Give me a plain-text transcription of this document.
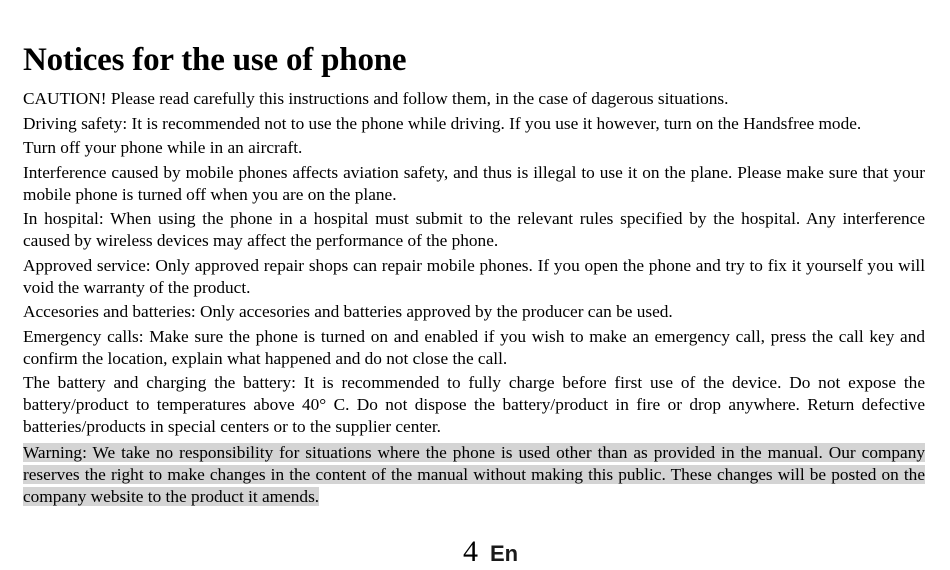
Notices for the use of phone

CAUTION! Please read carefully this instructions and follow them, in the case of dagerous situations.

Driving safety: It is recommended not to use the phone while driving. If you use it however, turn on the Handsfree mode.

Turn off your phone while in an aircraft.

Interference caused by mobile phones affects aviation safety, and thus is illegal to use it on the plane. Please make sure that your mobile phone is turned off when you are on the plane.

In hospital: When using the phone in a hospital must submit to the relevant rules specified by the hospital. Any interference caused by wireless devices may affect the performance of the phone.

Approved service: Only approved repair shops can repair mobile phones. If you open the phone and try to fix it yourself you will void the warranty of the product.

Accesories and batteries: Only accesories and batteries approved by the producer can be used.

Emergency calls: Make sure the phone is turned on and enabled if you wish to make an emergency call, press the call key and confirm the location, explain what happened and do not close the call.

The battery and charging the battery: It is recommended to fully charge before first use of the device. Do not expose the battery/product to temperatures above 40° C. Do not dispose the battery/product in fire or drop anywhere. Return defective batteries/products in special centers or to the supplier center.

Warning: We take no responsibility for situations where the phone is used other than as provided in the manual. Our company reserves the right to make changes in the content of the manual without making this public. These changes will be posted on the company website to the product it amends.

4 En
